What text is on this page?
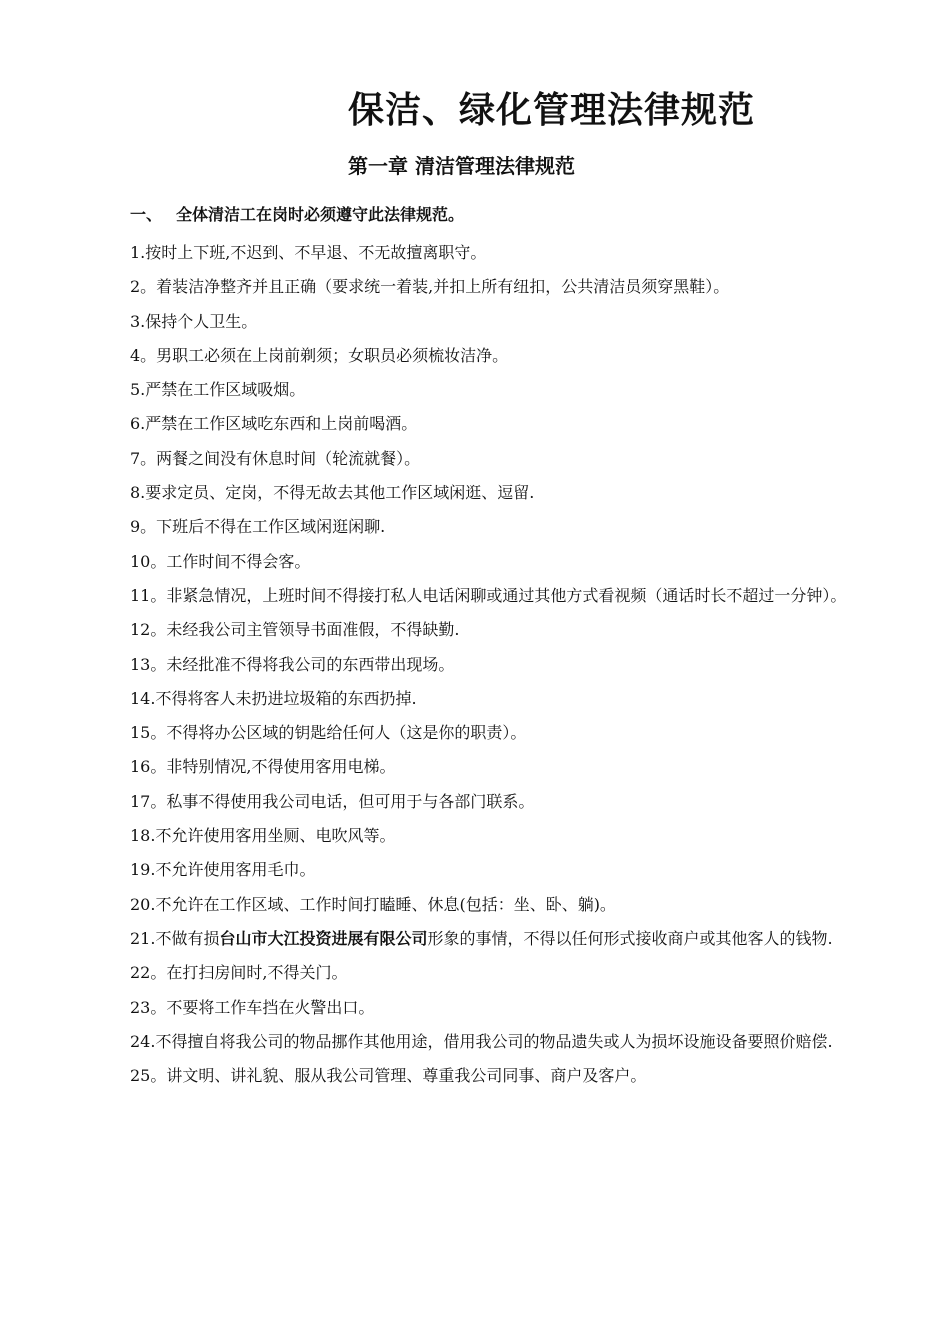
保洁、绿化管理法律规范
第一章 清洁管理法律规范
一、 全体清洁工在岗时必须遵守此法律规范。

1.按时上下班,不迟到、不早退、不无故擅离职守。

2。着装洁净整齐并且正确（要求统一着装,并扣上所有纽扣，公共清洁员须穿黑鞋）。

3.保持个人卫生。

4。男职工必须在上岗前剃须；女职员必须梳妆洁净。

5.严禁在工作区域吸烟。

6.严禁在工作区域吃东西和上岗前喝酒。

7。两餐之间没有休息时间（轮流就餐）。

8.要求定员、定岗，不得无故去其他工作区域闲逛、逗留.

9。下班后不得在工作区域闲逛闲聊.

10。工作时间不得会客。

11。非紧急情况，上班时间不得接打私人电话闲聊或通过其他方式看视频（通话时长不超过一分钟）。

12。未经我公司主管领导书面准假，不得缺勤.

13。未经批准不得将我公司的东西带出现场。

14.不得将客人未扔进垃圾箱的东西扔掉.

15。不得将办公区域的钥匙给任何人（这是你的职责）。

16。非特别情况,不得使用客用电梯。

17。私事不得使用我公司电话，但可用于与各部门联系。

18.不允许使用客用坐厕、电吹风等。

19.不允许使用客用毛巾。

20.不允许在工作区域、工作时间打瞌睡、休息(包括：坐、卧、躺)。

21.不做有损台山市大江投资进展有限公司形象的事情，不得以任何形式接收商户或其他客人的钱物.

22。在打扫房间时,不得关门。

23。不要将工作车挡在火警出口。

24.不得擅自将我公司的物品挪作其他用途，借用我公司的物品遗失或人为损坏设施设备要照价赔偿.

25。讲文明、讲礼貌、服从我公司管理、尊重我公司同事、商户及客户。
